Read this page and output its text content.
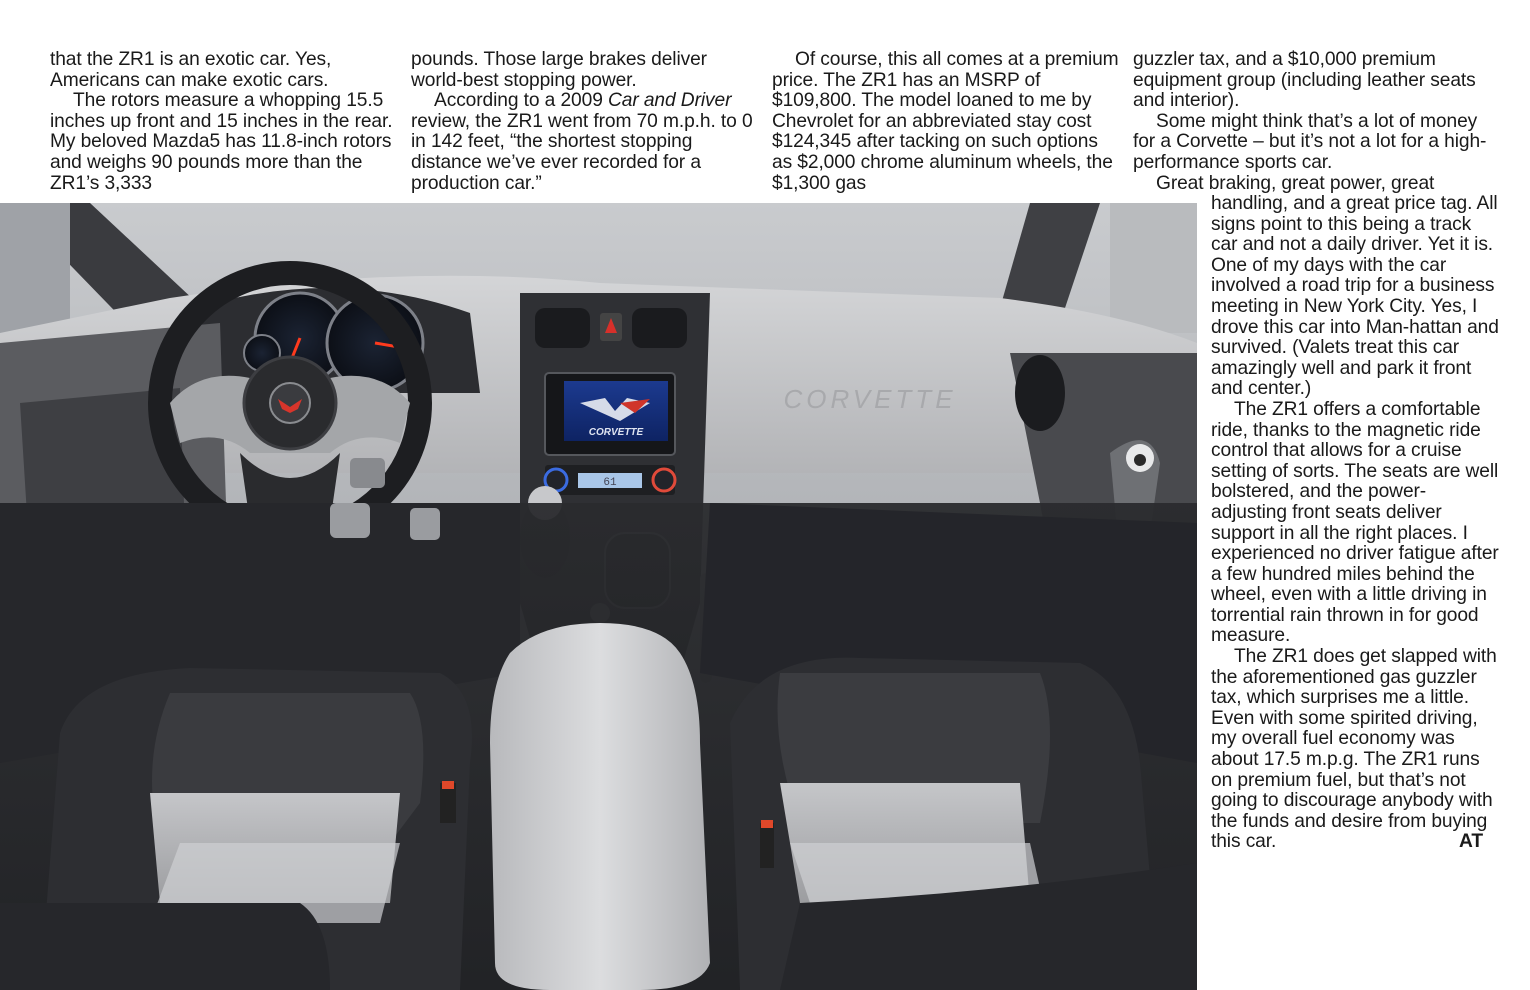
that the ZR1 is an exotic car. Yes, Americans can make exotic cars.

The rotors measure a whopping 15.5 inches up front and 15 inches in the rear. My beloved Mazda5 has 11.8-inch rotors and weighs 90 pounds more than the ZR1’s 3,333

pounds. Those large brakes deliver world-best stopping power.

According to a 2009 Car and Driver review, the ZR1 went from 70 m.p.h. to 0 in 142 feet, “the shortest stopping distance we’ve ever recorded for a production car.”

Of course, this all comes at a premium price. The ZR1 has an MSRP of $109,800. The model loaned to me by Chevrolet for an abbreviated stay cost $124,345 after tacking on such options as $2,000 chrome aluminum wheels, the $1,300 gas

guzzler tax, and a $10,000 premium equipment group (including leather seats and interior).

Some might think that’s a lot of money for a Corvette – but it’s not a lot for a high-performance sports car.

Great braking, great power, great

handling, and a great price tag. All signs point to this being a track car and not a daily driver. Yet it is. One of my days with the car involved a road trip for a business meeting in New York City. Yes, I drove this car into Man-hattan and survived. (Valets treat this car amazingly well and park it front and center.)

The ZR1 offers a comfortable ride, thanks to the magnetic ride control that allows for a cruise setting of sorts. The seats are well bolstered, and the power-adjusting front seats deliver support in all the right places. I experienced no driver fatigue after a few hundred miles behind the wheel, even with a little driving in torrential rain thrown in for good measure.

The ZR1 does get slapped with the aforementioned gas guzzler tax, which surprises me a little. Even with some spirited driving, my overall fuel economy was about 17.5 m.p.g. The ZR1 runs on premium fuel, but that’s not going to discourage anybody with the funds and desire from buying this car.	AT

CORVETTE
CORVETTE
61
